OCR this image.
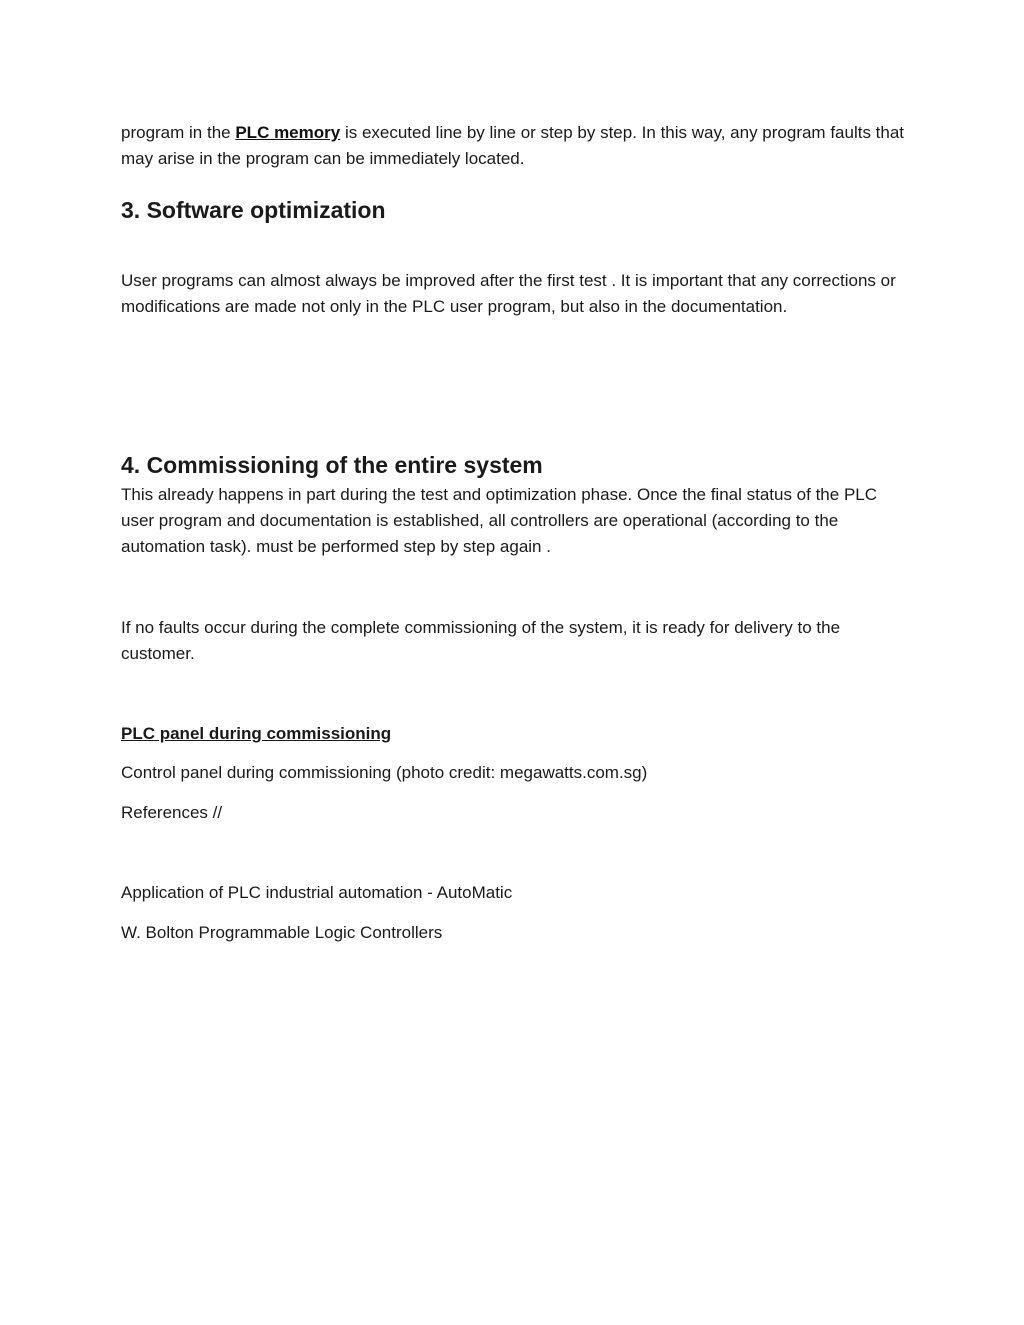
program in the PLC memory is executed line by line or step by step. In this way, any program faults that may arise in the program can be immediately located.

3. Software optimization

User programs can almost always be improved after the first test . It is important that any corrections or modifications are made not only in the PLC user program, but also in the documentation.

4. Commissioning of the entire system

This already happens in part during the test and optimization phase. Once the final status of the PLC user program and documentation is established, all controllers are operational (according to the automation task). must be performed step by step again .

If no faults occur during the complete commissioning of the system, it is ready for delivery to the customer.

PLC panel during commissioning

Control panel during commissioning (photo credit: megawatts.com.sg)

References //

Application of PLC industrial automation - AutoMatic

W. Bolton Programmable Logic Controllers
